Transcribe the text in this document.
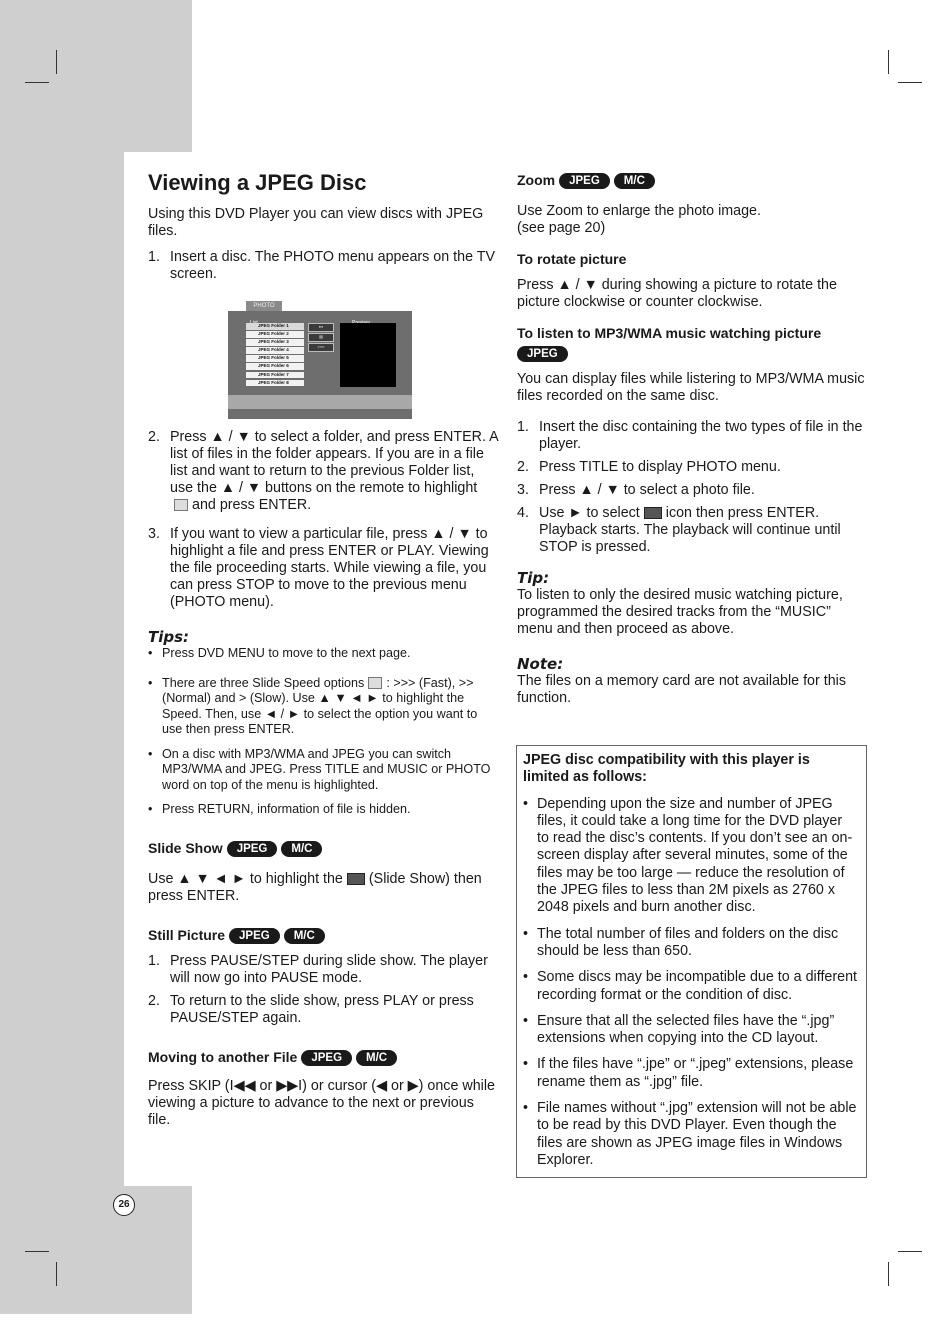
26
Viewing a JPEG Disc

Using this DVD Player you can view discs with JPEG files.

1. Insert a disc. The PHOTO menu appears on the TV screen.
PHOTO
JPEG Folder 1
JPEG Folder 2
JPEG Folder 3
JPEG Folder 4
JPEG Folder 5
JPEG Folder 6
JPEG Folder 7
JPEG Folder 8
▪▪▪
▤
>>>
2. Press ▲ / ▼ to select a folder, and press ENTER. A list of files in the folder appears. If you are in a file list and want to return to the previous Folder list, use the ▲ / ▼ buttons on the remote to highlightand press ENTER.
3. If you want to view a particular file, press ▲ / ▼ to highlight a file and press ENTER or PLAY. Viewing the file proceeding starts. While viewing a file, you can press STOP to move to the previous menu (PHOTO menu).

Tips:

• Press DVD MENU to move to the next page.
• There are three Slide Speed options : >>> (Fast), >> (Normal) and > (Slow). Use ▲ ▼ ◄ ► to highlight the Speed. Then, use ◄ / ► to select the option you want to use then press ENTER.
• On a disc with MP3/WMA and JPEG you can switch MP3/WMA and JPEG. Press TITLE and MUSIC or PHOTO word on top of the menu is highlighted.
• Press RETURN, information of file is hidden.

Slide Show JPEG M/C

Use ▲ ▼ ◄ ► to highlight the (Slide Show) then press ENTER.

Still Picture JPEG M/C

1. Press PAUSE/STEP during slide show. The player will now go into PAUSE mode.
2. To return to the slide show, press PLAY or press PAUSE/STEP again.

Moving to another File JPEG M/C

Press SKIP (I◀◀ or ▶▶I) or cursor (◀ or ▶) once while viewing a picture to advance to the next or previous file.

Zoom JPEG M/C

Use Zoom to enlarge the photo image.

(see page 20)

To rotate picture

Press ▲ / ▼ during showing a picture to rotate the picture clockwise or counter clockwise.

To listen to MP3/WMA music watching picture
JPEG

You can display files while listering to MP3/WMA music files recorded on the same disc.

1. Insert the disc containing the two types of file in the player.
2. Press TITLE to display PHOTO menu.
3. Press ▲ / ▼ to select a photo file.
4. Use ► to select icon then press ENTER. Playback starts. The playback will continue until STOP is pressed.

Tip:

To listen to only the desired music watching picture, programmed the desired tracks from the “MUSIC” menu and then proceed as above.

Note:

The files on a memory card are not available for this function.

JPEG disc compatibility with this player is limited as follows:

• Depending upon the size and number of JPEG files, it could take a long time for the DVD player to read the disc’s contents. If you don’t see an on-screen display after several minutes, some of the files may be too large — reduce the resolution of the JPEG files to less than 2M pixels as 2760 x 2048 pixels and burn another disc.
• The total number of files and folders on the disc should be less than 650.
• Some discs may be incompatible due to a different recording format or the condition of disc.
• Ensure that all the selected files have the “.jpg” extensions when copying into the CD layout.
• If the files have “.jpe” or “.jpeg” extensions, please rename them as “.jpg” file.
• File names without “.jpg” extension will not be able to be read by this DVD Player. Even though the files are shown as JPEG image files in Windows Explorer.
